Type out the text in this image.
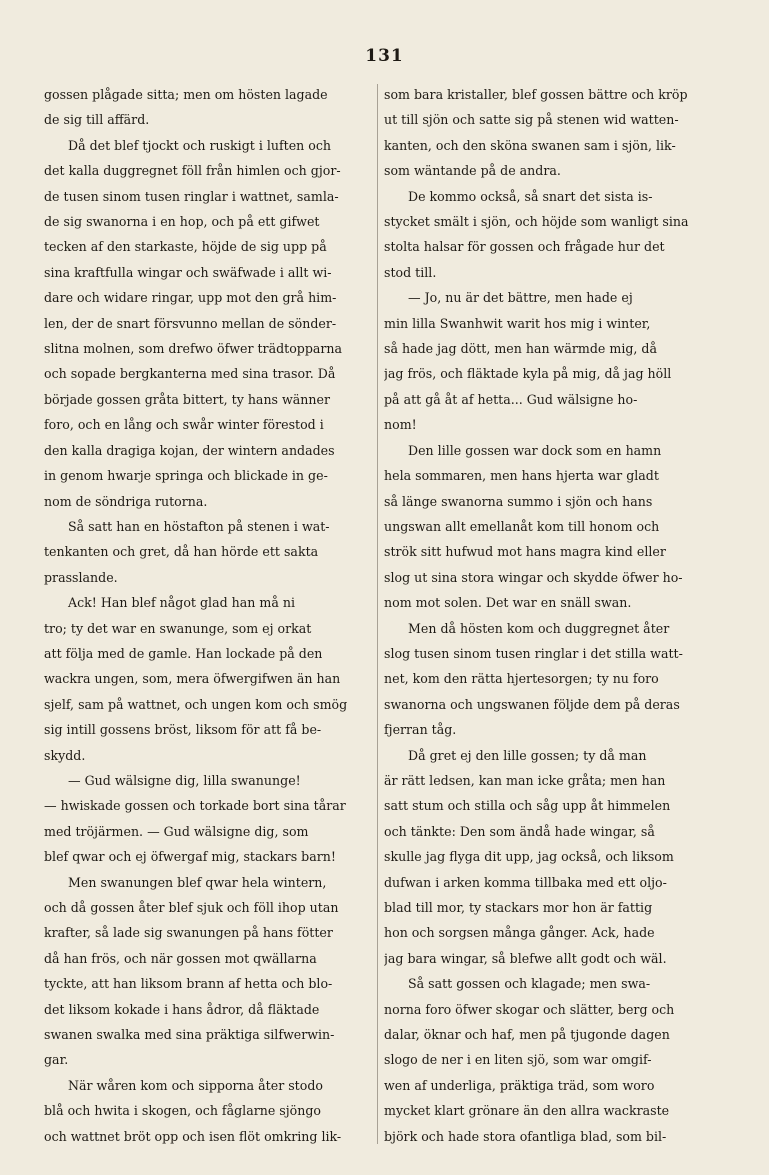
131
gossen plågade sitta; men om hösten lagade
de sig till affärd.
Då det blef tjockt och ruskigt i luften och
det kalla duggregnet föll från himlen och gjor-
de tusen sinom tusen ringlar i wattnet, samla-
de sig swanorna i en hop, och på ett gifwet
tecken af den starkaste, höjde de sig upp på
sina kraftfulla wingar och swäfwade i allt wi-
dare och widare ringar, upp mot den grå him-
len, der de snart försvunno mellan de sönder-
slitna molnen, som drefwo öfwer trädtopparna
och sopade bergkanterna med sina trasor. Då
började gossen gråta bittert, ty hans wänner
foro, och en lång och swår winter förestod i
den kalla dragiga kojan, der wintern andades
in genom hwarje springa och blickade in ge-
nom de söndriga rutorna.
Så satt han en höstafton på stenen i wat-
tenkanten och gret, då han hörde ett sakta
prasslande.
Ack! Han blef något glad han må ni
tro; ty det war en swanunge, som ej orkat
att följa med de gamle. Han lockade på den
wackra ungen, som, mera öfwergifwen än han
sjelf, sam på wattnet, och ungen kom och smög
sig intill gossens bröst, liksom för att få be-
skydd.
— Gud wälsigne dig, lilla swanunge!
— hwiskade gossen och torkade bort sina tårar
med tröjärmen. — Gud wälsigne dig, som
blef qwar och ej öfwergaf mig, stackars barn!
Men swanungen blef qwar hela wintern,
och då gossen åter blef sjuk och föll ihop utan
krafter, så lade sig swanungen på hans fötter
då han frös, och när gossen mot qwällarna
tyckte, att han liksom brann af hetta och blo-
det liksom kokade i hans ådror, då fläktade
swanen swalka med sina präktiga silfwerwin-
gar.
När wåren kom och sipporna åter stodo
blå och hwita i skogen, och fåglarne sjöngo
och wattnet bröt opp och isen flöt omkring lik-
som bara kristaller, blef gossen bättre och kröp
ut till sjön och satte sig på stenen wid watten-
kanten, och den sköna swanen sam i sjön, lik-
som wäntande på de andra.
De kommo också, så snart det sista is-
stycket smält i sjön, och höjde som wanligt sina
stolta halsar för gossen och frågade hur det
stod till.
— Jo, nu är det bättre, men hade ej
min lilla Swanhwit warit hos mig i winter,
så hade jag dött, men han wärmde mig, då
jag frös, och fläktade kyla på mig, då jag höll
på att gå åt af hetta... Gud wälsigne ho-
nom!
Den lille gossen war dock som en hamn
hela sommaren, men hans hjerta war gladt
så länge swanorna summo i sjön och hans
ungswan allt emellanåt kom till honom och
strök sitt hufwud mot hans magra kind eller
slog ut sina stora wingar och skydde öfwer ho-
nom mot solen. Det war en snäll swan.
Men då hösten kom och duggregnet åter
slog tusen sinom tusen ringlar i det stilla watt-
net, kom den rätta hjertesorgen; ty nu foro
swanorna och ungswanen följde dem på deras
fjerran tåg.
Då gret ej den lille gossen; ty då man
är rätt ledsen, kan man icke gråta; men han
satt stum och stilla och såg upp åt himmelen
och tänkte: Den som ändå hade wingar, så
skulle jag flyga dit upp, jag också, och liksom
dufwan i arken komma tillbaka med ett oljo-
blad till mor, ty stackars mor hon är fattig
hon och sorgsen många gånger. Ack, hade
jag bara wingar, så blefwe allt godt och wäl.
Så satt gossen och klagade; men swa-
norna foro öfwer skogar och slätter, berg och
dalar, öknar och haf, men på tjugonde dagen
slogo de ner i en liten sjö, som war omgif-
wen af underliga, präktiga träd, som woro
mycket klart grönare än den allra wackraste
björk och hade stora ofantliga blad, som bil-
